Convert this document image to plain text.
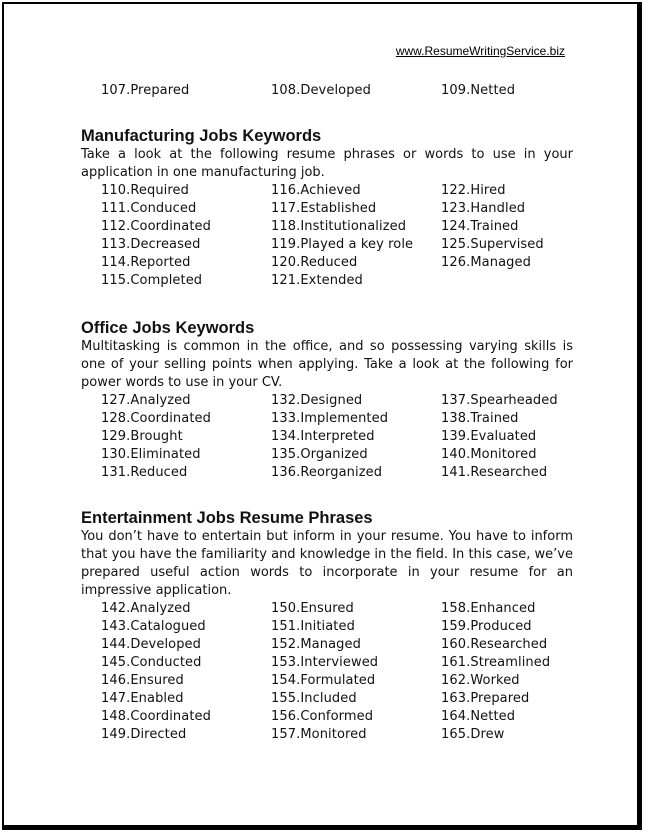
www.ResumeWritingService.biz
107.Prepared	108.Developed	109.Netted
Manufacturing Jobs Keywords

Take a look at the following resume phrases or words to use in your application in one manufacturing job.

110.Required	116.Achieved	122.Hired
111.Conduced	117.Established	123.Handled
112.Coordinated	118.Institutionalized	124.Trained
113.Decreased	119.Played a key role	125.Supervised
114.Reported	120.Reduced	126.Managed
115.Completed	121.Extended
Office Jobs Keywords

Multitasking is common in the office, and so possessing varying skills is one of your selling points when applying. Take a look at the following for power words to use in your CV.

127.Analyzed	132.Designed	137.Spearheaded
128.Coordinated	133.Implemented	138.Trained
129.Brought	134.Interpreted	139.Evaluated
130.Eliminated	135.Organized	140.Monitored
131.Reduced	136.Reorganized	141.Researched
Entertainment Jobs Resume Phrases

You don’t have to entertain but inform in your resume. You have to inform that you have the familiarity and knowledge in the field. In this case, we’ve prepared useful action words to incorporate in your resume for an impressive application.

142.Analyzed	150.Ensured	158.Enhanced
143.Catalogued	151.Initiated	159.Produced
144.Developed	152.Managed	160.Researched
145.Conducted	153.Interviewed	161.Streamlined
146.Ensured	154.Formulated	162.Worked
147.Enabled	155.Included	163.Prepared
148.Coordinated	156.Conformed	164.Netted
149.Directed	157.Monitored	165.Drew
